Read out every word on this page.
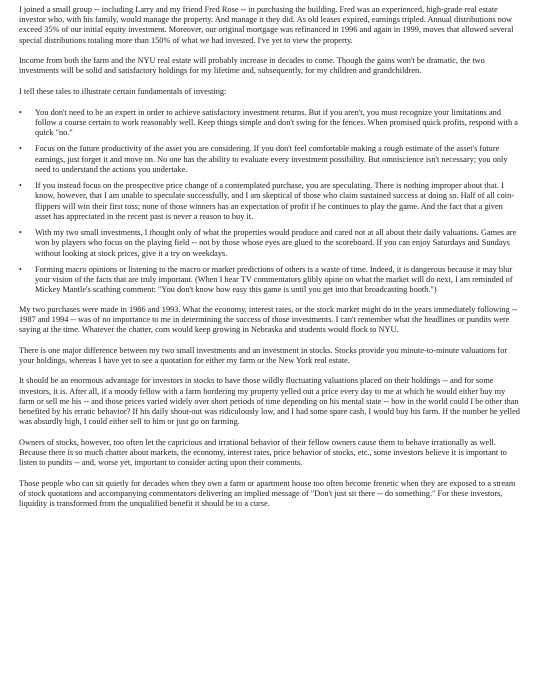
I joined a small group -- including Larry and my friend Fred Rose -- in purchasing the building. Fred was an experienced, high-grade real estate investor who, with his family, would manage the property. And manage it they did. As old leases expired, earnings tripled. Annual distributions now exceed 35% of our initial equity investment. Moreover, our original mortgage was refinanced in 1996 and again in 1999, moves that allowed several special distributions totaling more than 150% of what we had invested. I've yet to view the property.

Income from both the farm and the NYU real estate will probably increase in decades to come. Though the gains won't be dramatic, the two investments will be solid and satisfactory holdings for my lifetime and, subsequently, for my children and grandchildren.

I tell these tales to illustrate certain fundamentals of investing:

• You don't need to be an expert in order to achieve satisfactory investment returns. But if you aren't, you must recognize your limitations and follow a course certain to work reasonably well. Keep things simple and don't swing for the fences. When promised quick profits, respond with a quick "no."
• Focus on the future productivity of the asset you are considering. If you don't feel comfortable making a rough estimate of the asset's future earnings, just forget it and move on. No one has the ability to evaluate every investment possibility. But omniscience isn't necessary; you only need to understand the actions you undertake.
• If you instead focus on the prospective price change of a contemplated purchase, you are speculating. There is nothing improper about that. I know, however, that I am unable to speculate successfully, and I am skeptical of those who claim sustained success at doing so. Half of all coin-flippers will win their first toss; none of those winners has an expectation of profit if he continues to play the game. And the fact that a given asset has appreciated in the recent past is never a reason to buy it.
• With my two small investments, I thought only of what the properties would produce and cared not at all about their daily valuations. Games are won by players who focus on the playing field -- not by those whose eyes are glued to the scoreboard. If you can enjoy Saturdays and Sundays without looking at stock prices, give it a try on weekdays.
• Forming macro opinions or listening to the macro or market predictions of others is a waste of time. Indeed, it is dangerous because it may blur your vision of the facts that are truly important. (When I hear TV commentators glibly opine on what the market will do next, I am reminded of Mickey Mantle's scathing comment: "You don't know how easy this game is until you get into that broadcasting booth.")

My two purchases were made in 1986 and 1993. What the economy, interest rates, or the stock market might do in the years immediately following -- 1987 and 1994 -- was of no importance to me in determining the success of those investments. I can't remember what the headlines or pundits were saying at the time. Whatever the chatter, corn would keep growing in Nebraska and students would flock to NYU.

There is one major difference between my two small investments and an investment in stocks. Stocks provide you minute-to-minute valuations for your holdings, whereas I have yet to see a quotation for either my farm or the New York real estate.

It should be an enormous advantage for investors in stocks to have those wildly fluctuating valuations placed on their holdings -- and for some investors, it is. After all, if a moody fellow with a farm bordering my property yelled out a price every day to me at which he would either buy my farm or sell me his -- and those prices varied widely over short periods of time depending on his mental state -- how in the world could I be other than benefited by his erratic behavior? If his daily shout-out was ridiculously low, and I had some spare cash, I would buy his farm. If the number he yelled was absurdly high, I could either sell to him or just go on farming.

Owners of stocks, however, too often let the capricious and irrational behavior of their fellow owners cause them to behave irrationally as well. Because there is so much chatter about markets, the economy, interest rates, price behavior of stocks, etc., some investors believe it is important to listen to pundits -- and, worse yet, important to consider acting upon their comments.

Those people who can sit quietly for decades when they own a farm or apartment house too often become frenetic when they are exposed to a stream of stock quotations and accompanying commentators delivering an implied message of "Don't just sit there -- do something." For these investors, liquidity is transformed from the unqualified benefit it should be to a curse.
